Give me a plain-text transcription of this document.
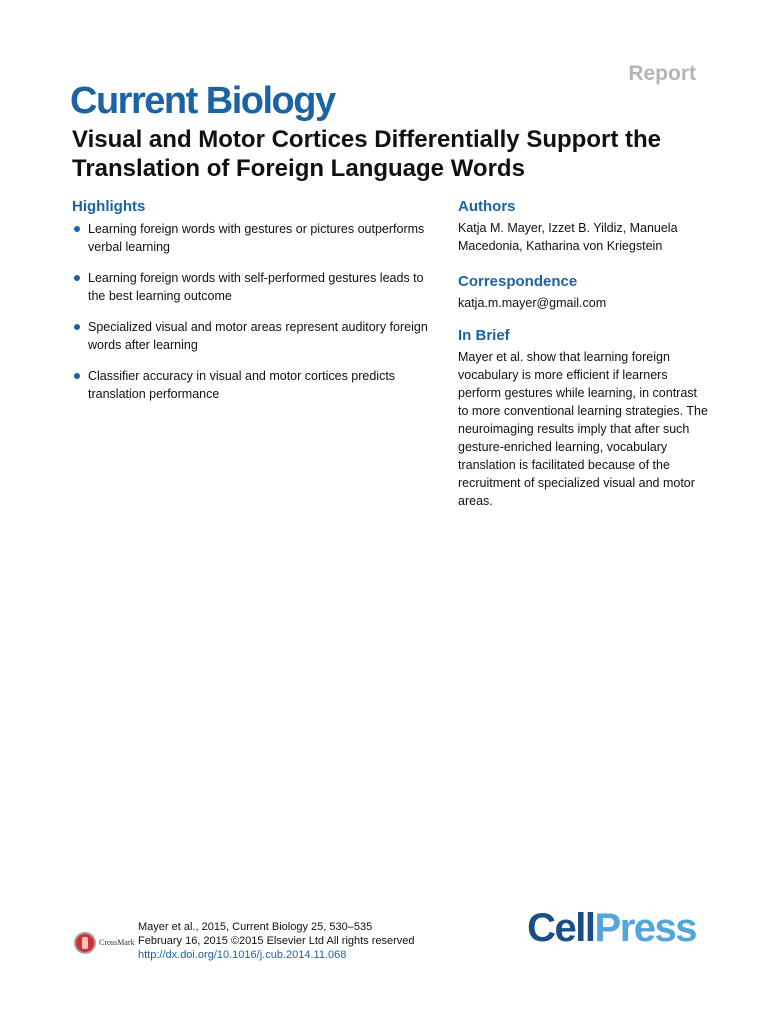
Report
Current Biology
Visual and Motor Cortices Differentially Support the Translation of Foreign Language Words
Highlights
Learning foreign words with gestures or pictures outperforms verbal learning
Learning foreign words with self-performed gestures leads to the best learning outcome
Specialized visual and motor areas represent auditory foreign words after learning
Classifier accuracy in visual and motor cortices predicts translation performance
Authors

Katja M. Mayer, Izzet B. Yildiz, Manuela Macedonia, Katharina von Kriegstein

Correspondence

katja.m.mayer@gmail.com

In Brief

Mayer et al. show that learning foreign vocabulary is more efficient if learners perform gestures while learning, in contrast to more conventional learning strategies. The neuroimaging results imply that after such gesture-enriched learning, vocabulary translation is facilitated because of the recruitment of specialized visual and motor areas.

CrossMark
Mayer et al., 2015, Current Biology 25, 530–535
February 16, 2015 ©2015 Elsevier Ltd All rights reserved
http://dx.doi.org/10.1016/j.cub.2014.11.068
CellPress
